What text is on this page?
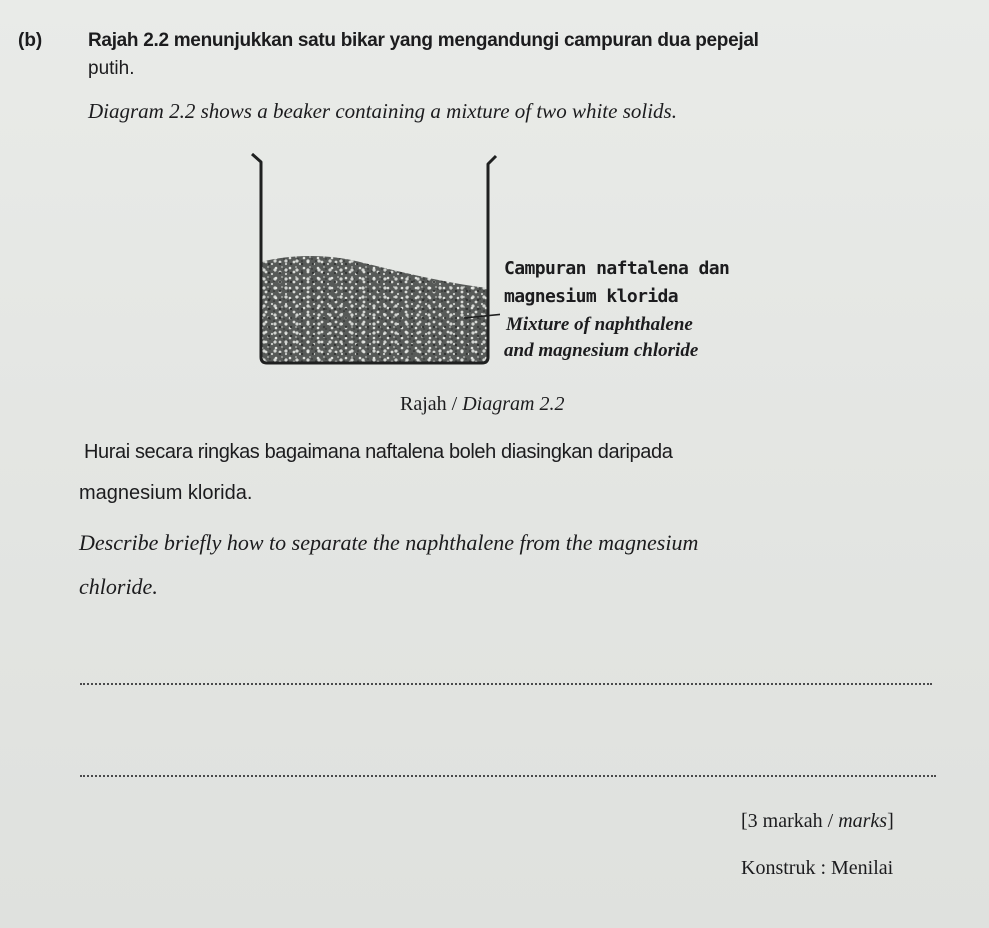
(b) Rajah 2.2 menunjukkan satu bikar yang mengandungi campuran dua pepejal
putih.
Diagram 2.2 shows a beaker containing a mixture of two white solids.
Campuran naftalena dan
magnesium klorida
Mixture of naphthalene
and magnesium chloride
Rajah / Diagram 2.2
Hurai secara ringkas bagaimana naftalena boleh diasingkan daripada
magnesium klorida.
Describe briefly how to separate the naphthalene from the magnesium
chloride.
[3 markah / marks]
Konstruk : Menilai
